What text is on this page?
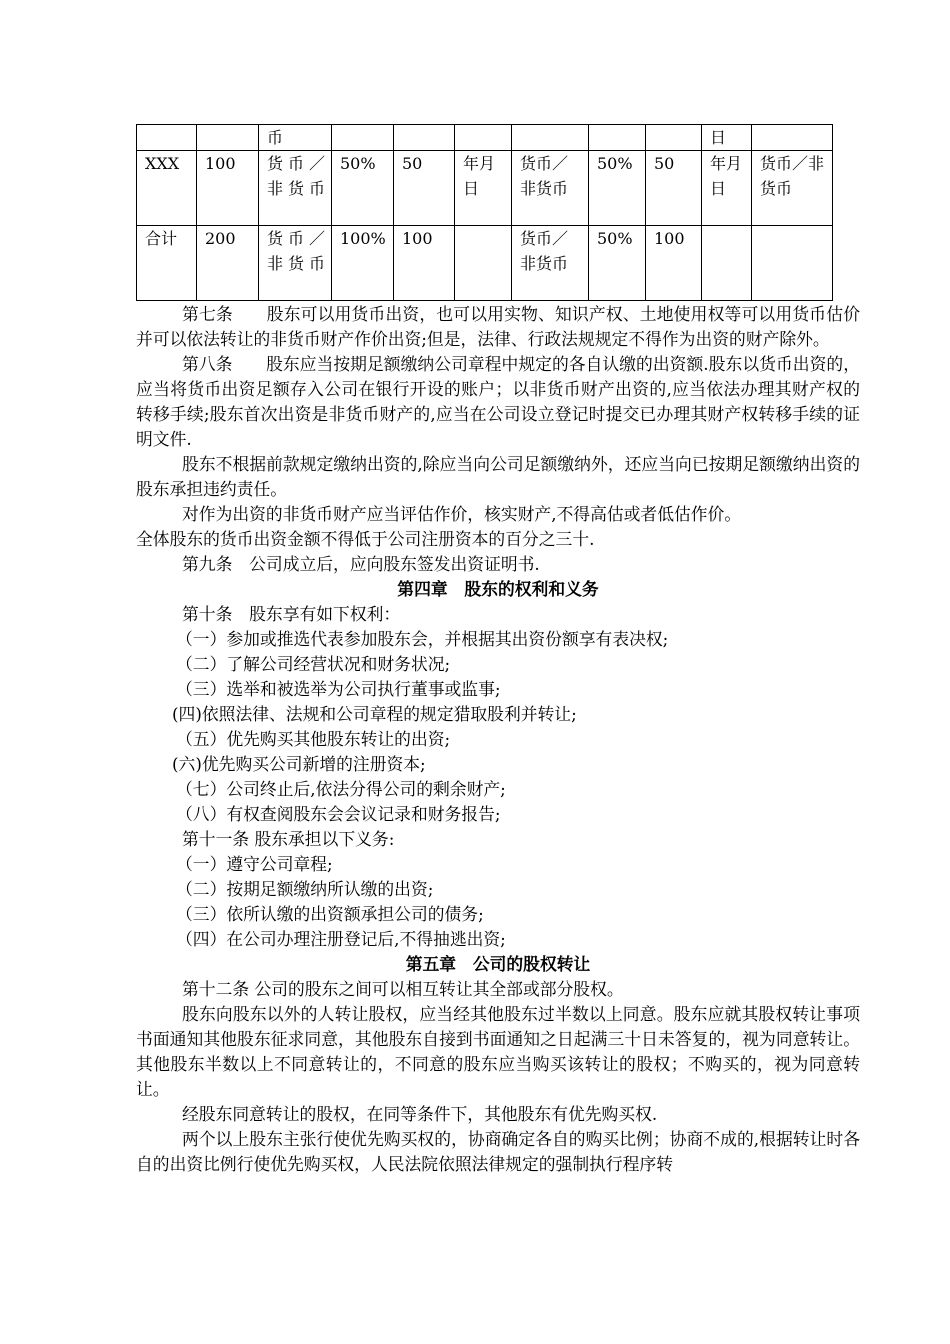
		币							日	
XXX	100	货币／非货币	50%	50	年月日	货币／非货币	50%	50	年月日	货币／非货币
合计	200	货币／非货币	100%	100		货币／非货币	50%	100		

第七条　　股东可以用货币出资，也可以用实物、知识产权、土地使用权等可以用货币估价并可以依法转让的非货币财产作价出资;但是，法律、行政法规规定不得作为出资的财产除外。

第八条　　股东应当按期足额缴纳公司章程中规定的各自认缴的出资额.股东以货币出资的，应当将货币出资足额存入公司在银行开设的账户；以非货币财产出资的,应当依法办理其财产权的转移手续;股东首次出资是非货币财产的,应当在公司设立登记时提交已办理其财产权转移手续的证明文件.

股东不根据前款规定缴纳出资的,除应当向公司足额缴纳外，还应当向已按期足额缴纳出资的股东承担违约责任。

对作为出资的非货币财产应当评估作价，核实财产,不得高估或者低估作价。

全体股东的货币出资金额不得低于公司注册资本的百分之三十.

第九条　公司成立后，应向股东签发出资证明书.

第四章　股东的权利和义务

第十条　股东享有如下权利：

（一）参加或推选代表参加股东会，并根据其出资份额享有表决权;

（二）了解公司经营状况和财务状况;

（三）选举和被选举为公司执行董事或监事;

(四)依照法律、法规和公司章程的规定猎取股利并转让;

（五）优先购买其他股东转让的出资;

(六)优先购买公司新增的注册资本;

（七）公司终止后,依法分得公司的剩余财产;

（八）有权查阅股东会会议记录和财务报告;

第十一条 股东承担以下义务:

（一）遵守公司章程;

（二）按期足额缴纳所认缴的出资;

（三）依所认缴的出资额承担公司的债务;

（四）在公司办理注册登记后,不得抽逃出资;

第五章　公司的股权转让

第十二条 公司的股东之间可以相互转让其全部或部分股权。

股东向股东以外的人转让股权，应当经其他股东过半数以上同意。股东应就其股权转让事项书面通知其他股东征求同意，其他股东自接到书面通知之日起满三十日未答复的，视为同意转让。其他股东半数以上不同意转让的，不同意的股东应当购买该转让的股权；不购买的，视为同意转让。

经股东同意转让的股权，在同等条件下，其他股东有优先购买权.

两个以上股东主张行使优先购买权的，协商确定各自的购买比例；协商不成的,根据转让时各自的出资比例行使优先购买权，人民法院依照法律规定的强制执行程序转
